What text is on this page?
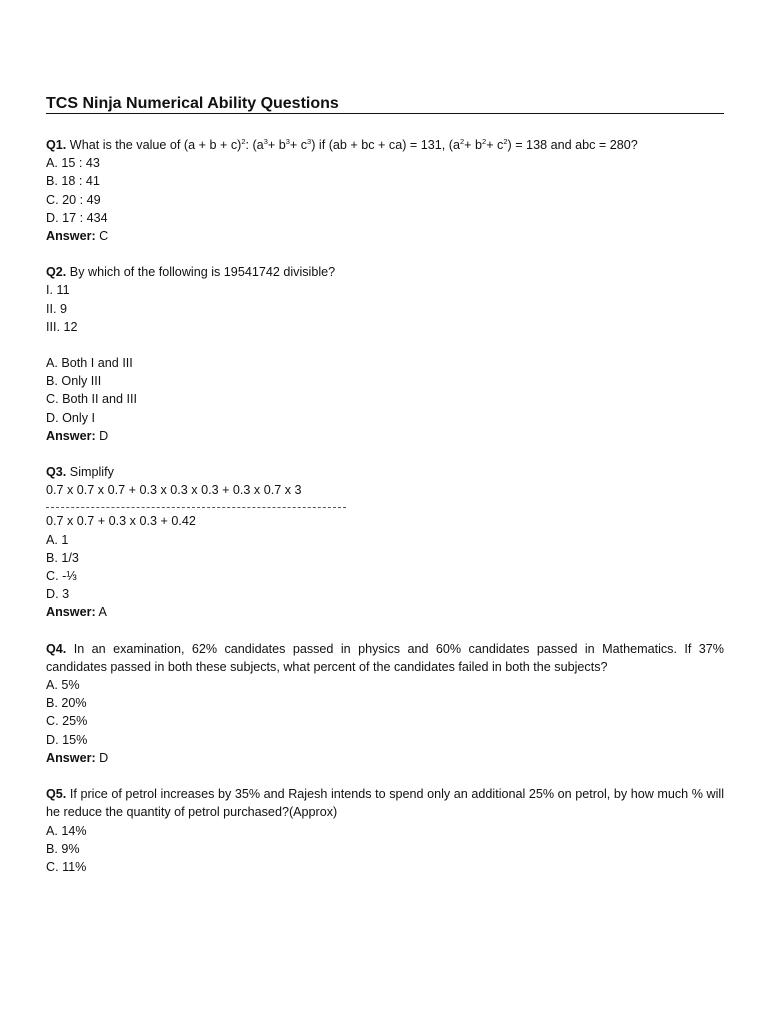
TCS Ninja Numerical Ability Questions
Q1. What is the value of $(a + b + c)^2$: $(a^3+ b^3+ c^3)$ if (ab + bc + ca) = 131, $(a^2+ b^2+ c^2) = 138$ and abc = 280?
A. 15 : 43
B. 18 : 41
C. 20 : 49
D. 17 : 434
Answer: C
Q2. By which of the following is 19541742 divisible?
I. 11
II. 9
III. 12
A. Both I and III
B. Only III
C. Both II and III
D. Only I
Answer: D
Q3. Simplify
0.7 x 0.7 x 0.7 + 0.3 x 0.3 x 0.3 + 0.3 x 0.7 x 3
0.7 x 0.7 + 0.3 x 0.3 + 0.42
A. 1
B. 1/3
C. -⅓
D. 3
Answer: A
Q4. In an examination, 62% candidates passed in physics and 60% candidates passed in Mathematics. If 37% candidates passed in both these subjects, what percent of the candidates failed in both the subjects?
A. 5%
B. 20%
C. 25%
D. 15%
Answer: D
Q5. If price of petrol increases by 35% and Rajesh intends to spend only an additional 25% on petrol, by how much % will he reduce the quantity of petrol purchased?(Approx)
A. 14%
B. 9%
C. 11%
